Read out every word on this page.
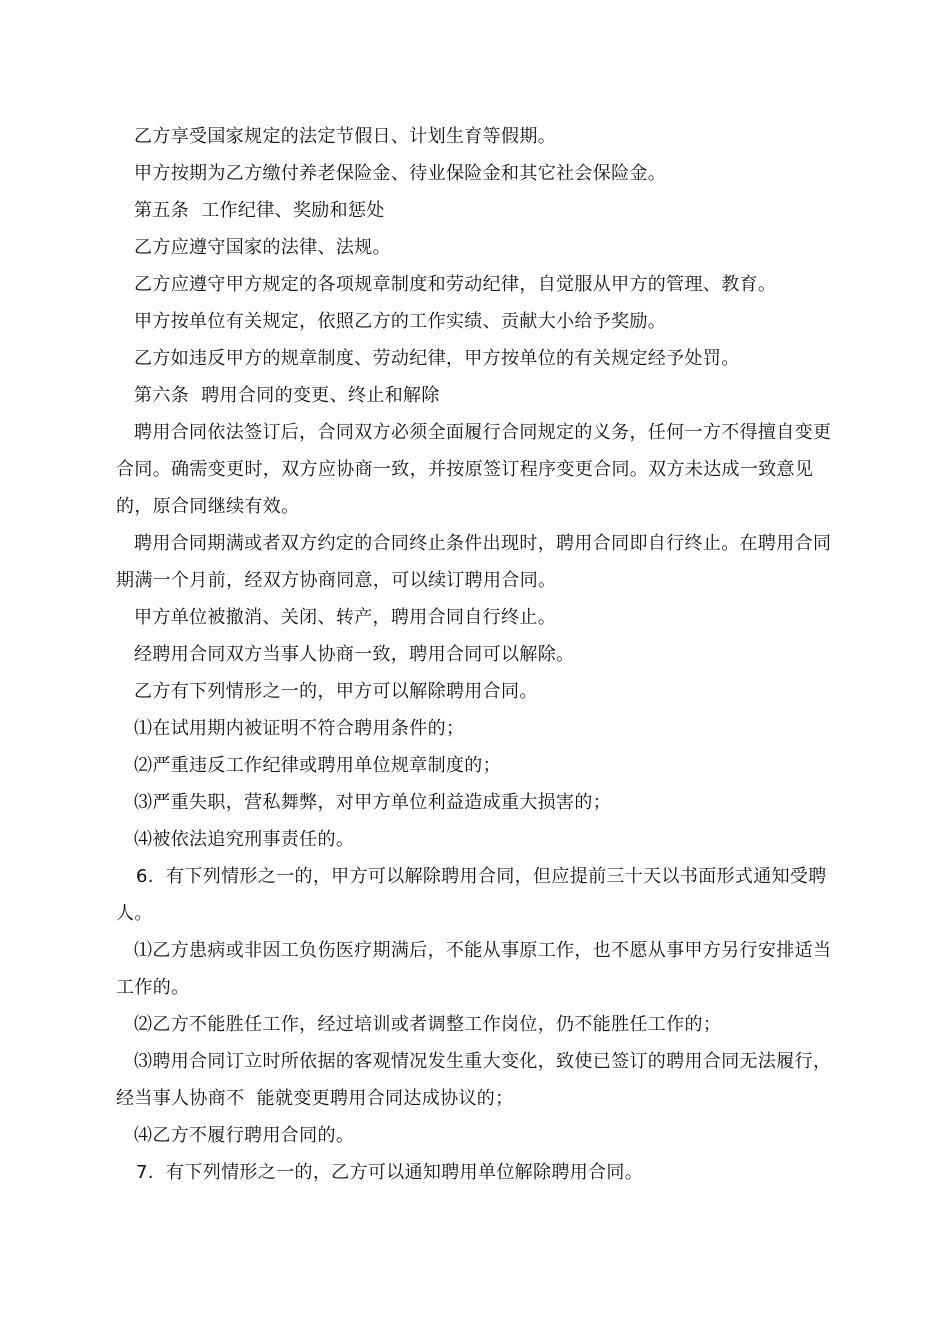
乙方享受国家规定的法定节假日、计划生育等假期。
甲方按期为乙方缴付养老保险金、待业保险金和其它社会保险金。
第五条  工作纪律、奖励和惩处
乙方应遵守国家的法律、法规。
乙方应遵守甲方规定的各项规章制度和劳动纪律，自觉服从甲方的管理、教育。
甲方按单位有关规定，依照乙方的工作实绩、贡献大小给予奖励。
乙方如违反甲方的规章制度、劳动纪律，甲方按单位的有关规定经予处罚。
第六条  聘用合同的变更、终止和解除
聘用合同依法签订后，合同双方必须全面履行合同规定的义务，任何一方不得擅自变更合同。确需变更时，双方应协商一致，并按原签订程序变更合同。双方未达成一致意见的，原合同继续有效。
聘用合同期满或者双方约定的合同终止条件出现时，聘用合同即自行终止。在聘用合同期满一个月前，经双方协商同意，可以续订聘用合同。
甲方单位被撤消、关闭、转产，聘用合同自行终止。
经聘用合同双方当事人协商一致，聘用合同可以解除。
乙方有下列情形之一的，甲方可以解除聘用合同。
⑴在试用期内被证明不符合聘用条件的；
⑵严重违反工作纪律或聘用单位规章制度的；
⑶严重失职，营私舞弊，对甲方单位利益造成重大损害的；
⑷被依法追究刑事责任的。
6.  有下列情形之一的，甲方可以解除聘用合同，但应提前三十天以书面形式通知受聘人。
⑴乙方患病或非因工负伤医疗期满后，不能从事原工作，也不愿从事甲方另行安排适当工作的。
⑵乙方不能胜任工作，经过培训或者调整工作岗位，仍不能胜任工作的；
⑶聘用合同订立时所依据的客观情况发生重大变化，致使已签订的聘用合同无法履行，经当事人协商不  能就变更聘用合同达成协议的；
⑷乙方不履行聘用合同的。
7.  有下列情形之一的，乙方可以通知聘用单位解除聘用合同。
